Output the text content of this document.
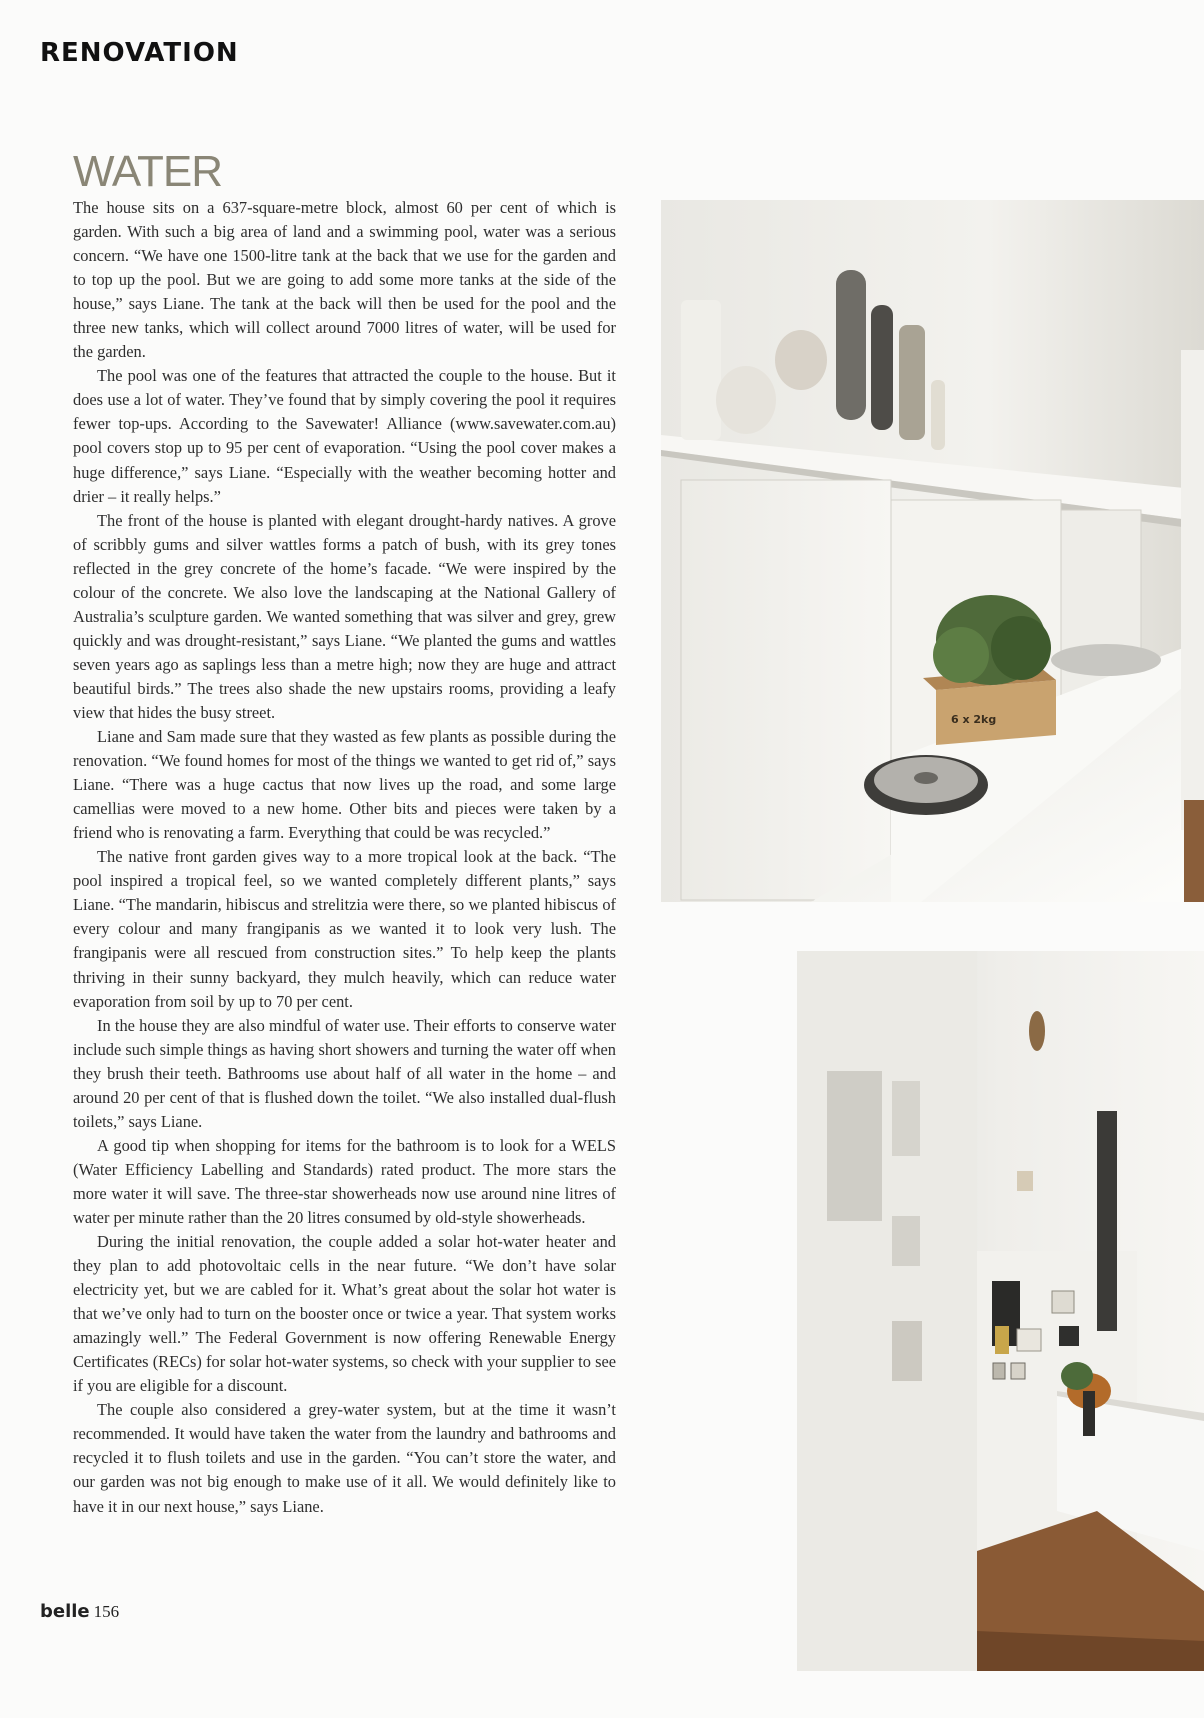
RENOVATION
WATER

The house sits on a 637-square-metre block, almost 60 per cent of which is garden. With such a big area of land and a swimming pool, water was a serious concern. “We have one 1500-litre tank at the back that we use for the garden and to top up the pool. But we are going to add some more tanks at the side of the house,” says Liane. The tank at the back will then be used for the pool and the three new tanks, which will collect around 7000 litres of water, will be used for the garden.

The pool was one of the features that attracted the couple to the house. But it does use a lot of water. They’ve found that by simply covering the pool it requires fewer top-ups. According to the Savewater! Alliance (www.savewater.com.au) pool covers stop up to 95 per cent of evaporation. “Using the pool cover makes a huge difference,” says Liane. “Especially with the weather becoming hotter and drier – it really helps.”

The front of the house is planted with elegant drought-hardy natives. A grove of scribbly gums and silver wattles forms a patch of bush, with its grey tones reflected in the grey concrete of the home’s facade. “We were inspired by the colour of the concrete. We also love the landscaping at the National Gallery of Australia’s sculpture garden. We wanted something that was silver and grey, grew quickly and was drought-resistant,” says Liane. “We planted the gums and wattles seven years ago as saplings less than a metre high; now they are huge and attract beautiful birds.” The trees also shade the new upstairs rooms, providing a leafy view that hides the busy street.

Liane and Sam made sure that they wasted as few plants as possible during the renovation. “We found homes for most of the things we wanted to get rid of,” says Liane. “There was a huge cactus that now lives up the road, and some large camellias were moved to a new home. Other bits and pieces were taken by a friend who is renovating a farm. Everything that could be was recycled.”

The native front garden gives way to a more tropical look at the back. “The pool inspired a tropical feel, so we wanted completely different plants,” says Liane. “The mandarin, hibiscus and strelitzia were there, so we planted hibiscus of every colour and many frangipanis as we wanted it to look very lush. The frangipanis were all rescued from construction sites.” To help keep the plants thriving in their sunny backyard, they mulch heavily, which can reduce water evaporation from soil by up to 70 per cent.

In the house they are also mindful of water use. Their efforts to conserve water include such simple things as having short showers and turning the water off when they brush their teeth. Bathrooms use about half of all water in the home – and around 20 per cent of that is flushed down the toilet. “We also installed dual-flush toilets,” says Liane.

A good tip when shopping for items for the bathroom is to look for a WELS (Water Efficiency Labelling and Standards) rated product. The more stars the more water it will save. The three-star showerheads now use around nine litres of water per minute rather than the 20 litres consumed by old-style showerheads.

During the initial renovation, the couple added a solar hot-water heater and they plan to add photovoltaic cells in the near future. “We don’t have solar electricity yet, but we are cabled for it. What’s great about the solar hot water is that we’ve only had to turn on the booster once or twice a year. That system works amazingly well.” The Federal Government is now offering Renewable Energy Certificates (RECs) for solar hot-water systems, so check with your supplier to see if you are eligible for a discount.

The couple also considered a grey-water system, but at the time it wasn’t recommended. It would have taken the water from the laundry and bathrooms and recycled it to flush toilets and use in the garden. “You can’t store the water, and our garden was not big enough to make use of it all. We would definitely like to have it in our next house,” says Liane.

belle 156
6 x 2kg
